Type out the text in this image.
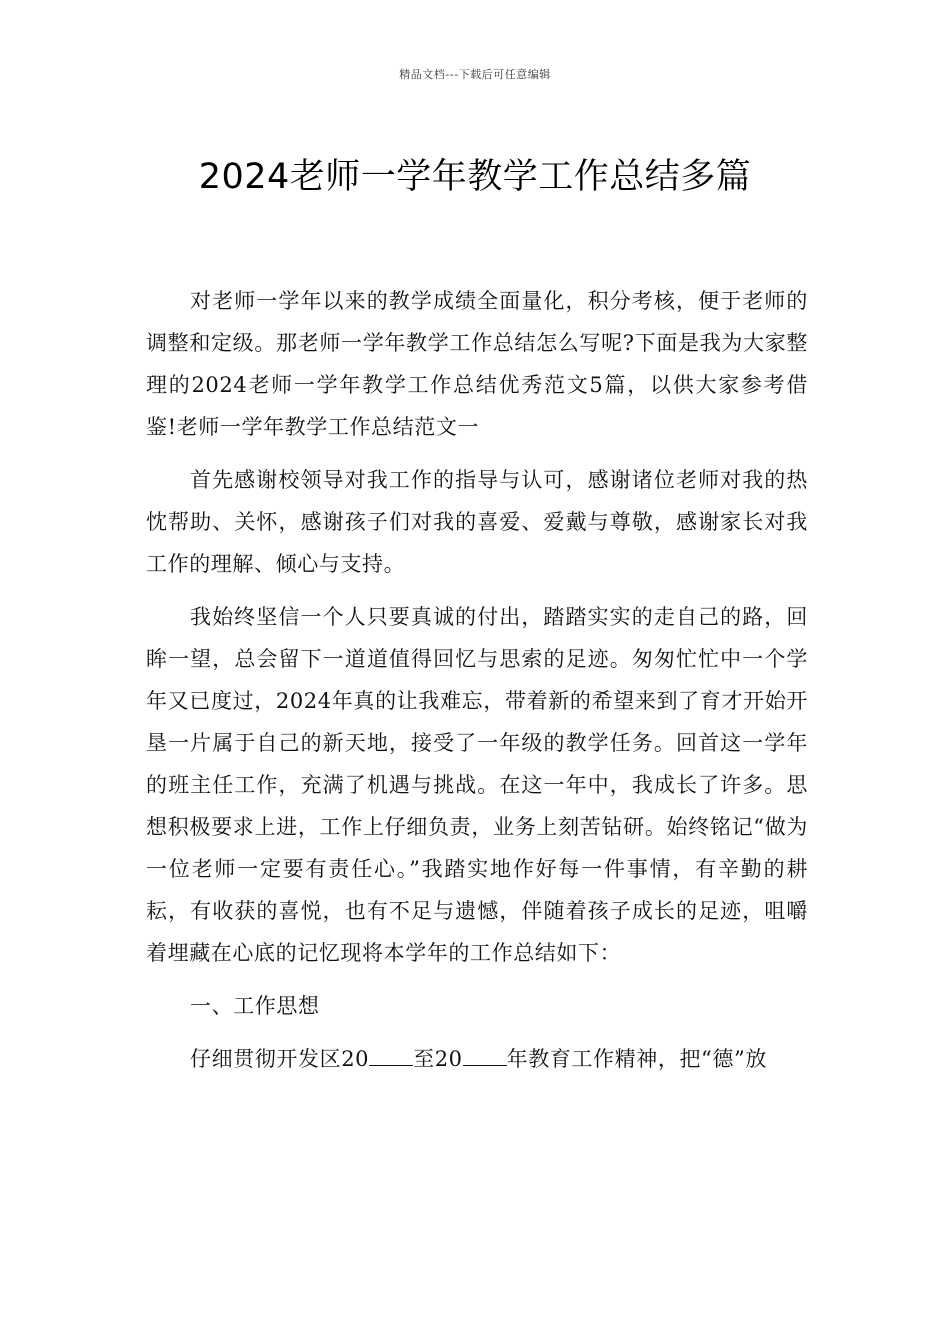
精品文档---下载后可任意编辑
2024老师一学年教学工作总结多篇

对老师一学年以来的教学成绩全面量化，积分考核，便于老师的调整和定级。那老师一学年教学工作总结怎么写呢?下面是我为大家整理的2024老师一学年教学工作总结优秀范文5篇，以供大家参考借鉴!老师一学年教学工作总结范文一

首先感谢校领导对我工作的指导与认可，感谢诸位老师对我的热忱帮助、关怀，感谢孩子们对我的喜爱、爱戴与尊敬，感谢家长对我工作的理解、倾心与支持。

我始终坚信一个人只要真诚的付出，踏踏实实的走自己的路，回眸一望，总会留下一道道值得回忆与思索的足迹。匆匆忙忙中一个学年又已度过，2024年真的让我难忘，带着新的希望来到了育才开始开垦一片属于自己的新天地，接受了一年级的教学任务。回首这一学年的班主任工作，充满了机遇与挑战。在这一年中，我成长了许多。思想积极要求上进，工作上仔细负责，业务上刻苦钻研。始终铭记“做为一位老师一定要有责任心。”我踏实地作好每一件事情，有辛勤的耕耘，有收获的喜悦，也有不足与遗憾，伴随着孩子成长的足迹，咀嚼着埋藏在心底的记忆现将本学年的工作总结如下：

一、工作思想

仔细贯彻开发区20 至20 年教育工作精神，把“德”放
